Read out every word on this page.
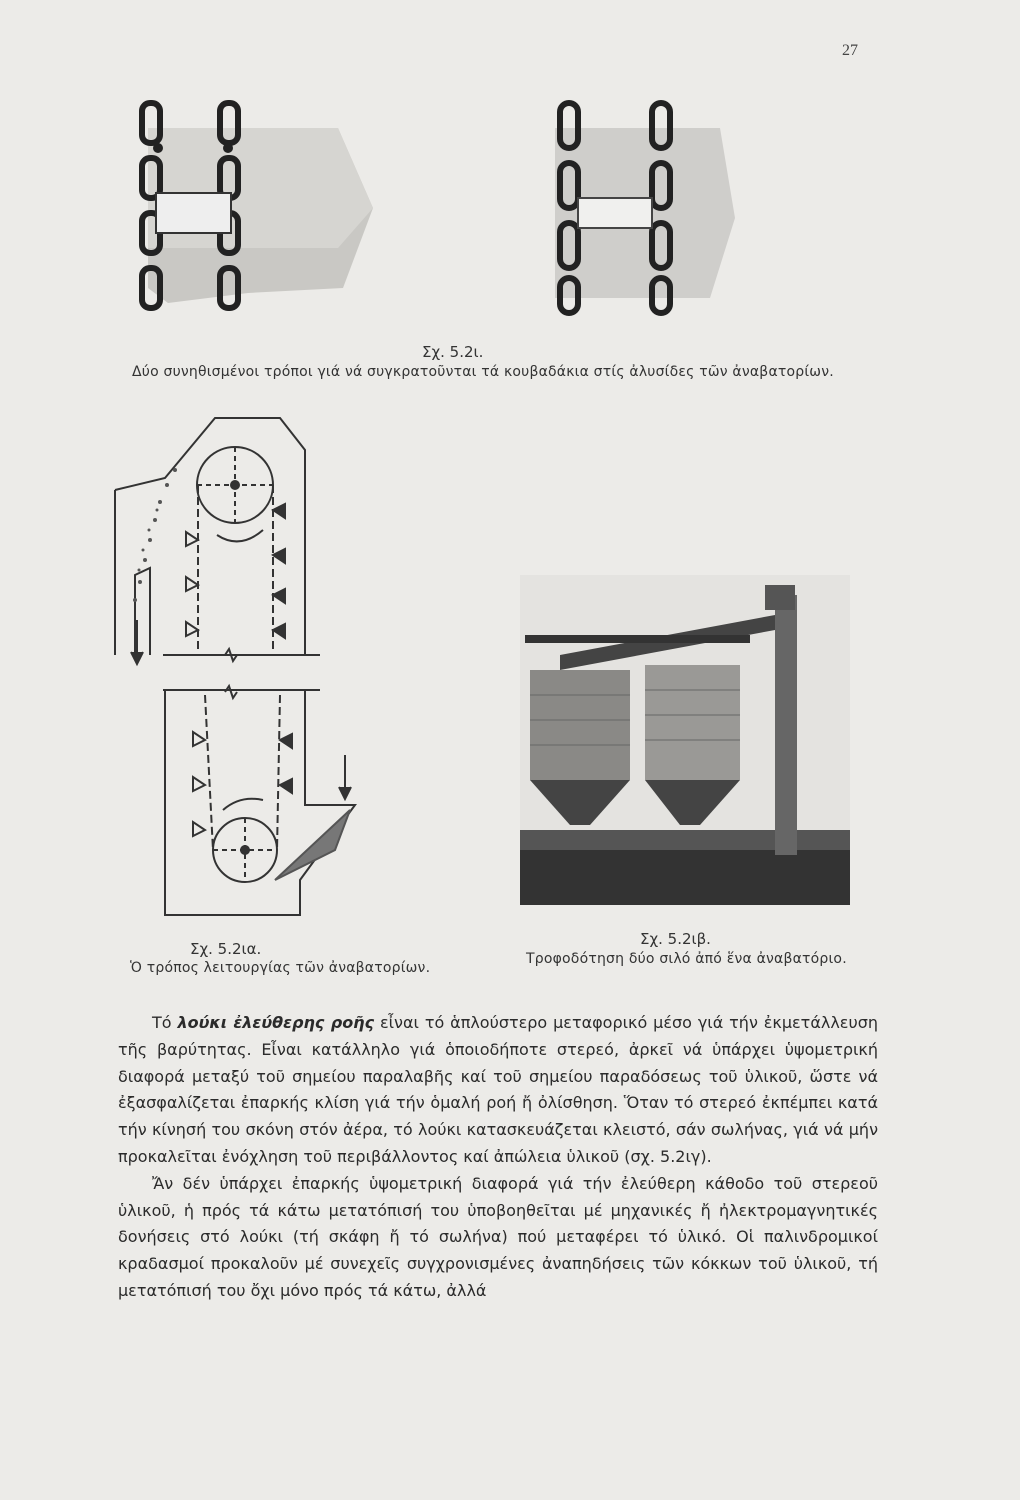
27
Σχ. 5.2ι.
Δύο συνηθισμένοι τρόποι γιά νά συγκρατοῦνται τά κουβαδάκια στίς ἀλυσίδες τῶν ἀναβατορίων.
Σχ. 5.2ια.
Ὁ τρόπος λειτουργίας τῶν ἀναβατορίων.
Σχ. 5.2ιβ.
Τροφοδότηση δύο σιλό ἀπό ἕνα ἀναβατόριο.

Τό λούκι ἐλεύθερης ροῆς εἶναι τό ἁπλούστερο μεταφορικό μέσο γιά τήν ἐκμετάλλευση τῆς βαρύτητας. Εἶναι κατάλληλο γιά ὁποιοδήποτε στερεό, ἀρκεῖ νά ὑπάρχει ὑψομετρική διαφορά μεταξύ τοῦ σημείου παραλαβῆς καί τοῦ σημείου παραδόσεως τοῦ ὑλικοῦ, ὥστε νά ἐξασφαλίζεται ἐπαρκής κλίση γιά τήν ὁμαλή ροή ἤ ὀλίσθηση. Ὅταν τό στερεό ἐκπέμπει κατά τήν κίνησή του σκόνη στόν ἀέρα, τό λούκι κατασκευάζεται κλειστό, σάν σωλήνας, γιά νά μήν προκαλεῖται ἐνόχληση τοῦ περιβάλλοντος καί ἀπώλεια ὑλικοῦ (σχ. 5.2ιγ).

Ἄν δέν ὑπάρχει ἐπαρκής ὑψομετρική διαφορά γιά τήν ἐλεύθερη κάθοδο τοῦ στερεοῦ ὑλικοῦ, ἡ πρός τά κάτω μετατόπισή του ὑποβοηθεῖται μέ μηχανικές ἤ ἠλεκτρομαγνητικές δονήσεις στό λούκι (τή σκάφη ἤ τό σωλήνα) πού μεταφέρει τό ὑλικό. Οἱ παλινδρομικοί κραδασμοί προκαλοῦν μέ συνεχεῖς συγχρονισμένες ἀναπηδήσεις τῶν κόκκων τοῦ ὑλικοῦ, τή μετατόπισή του ὄχι μόνο πρός τά κάτω, ἀλλά
